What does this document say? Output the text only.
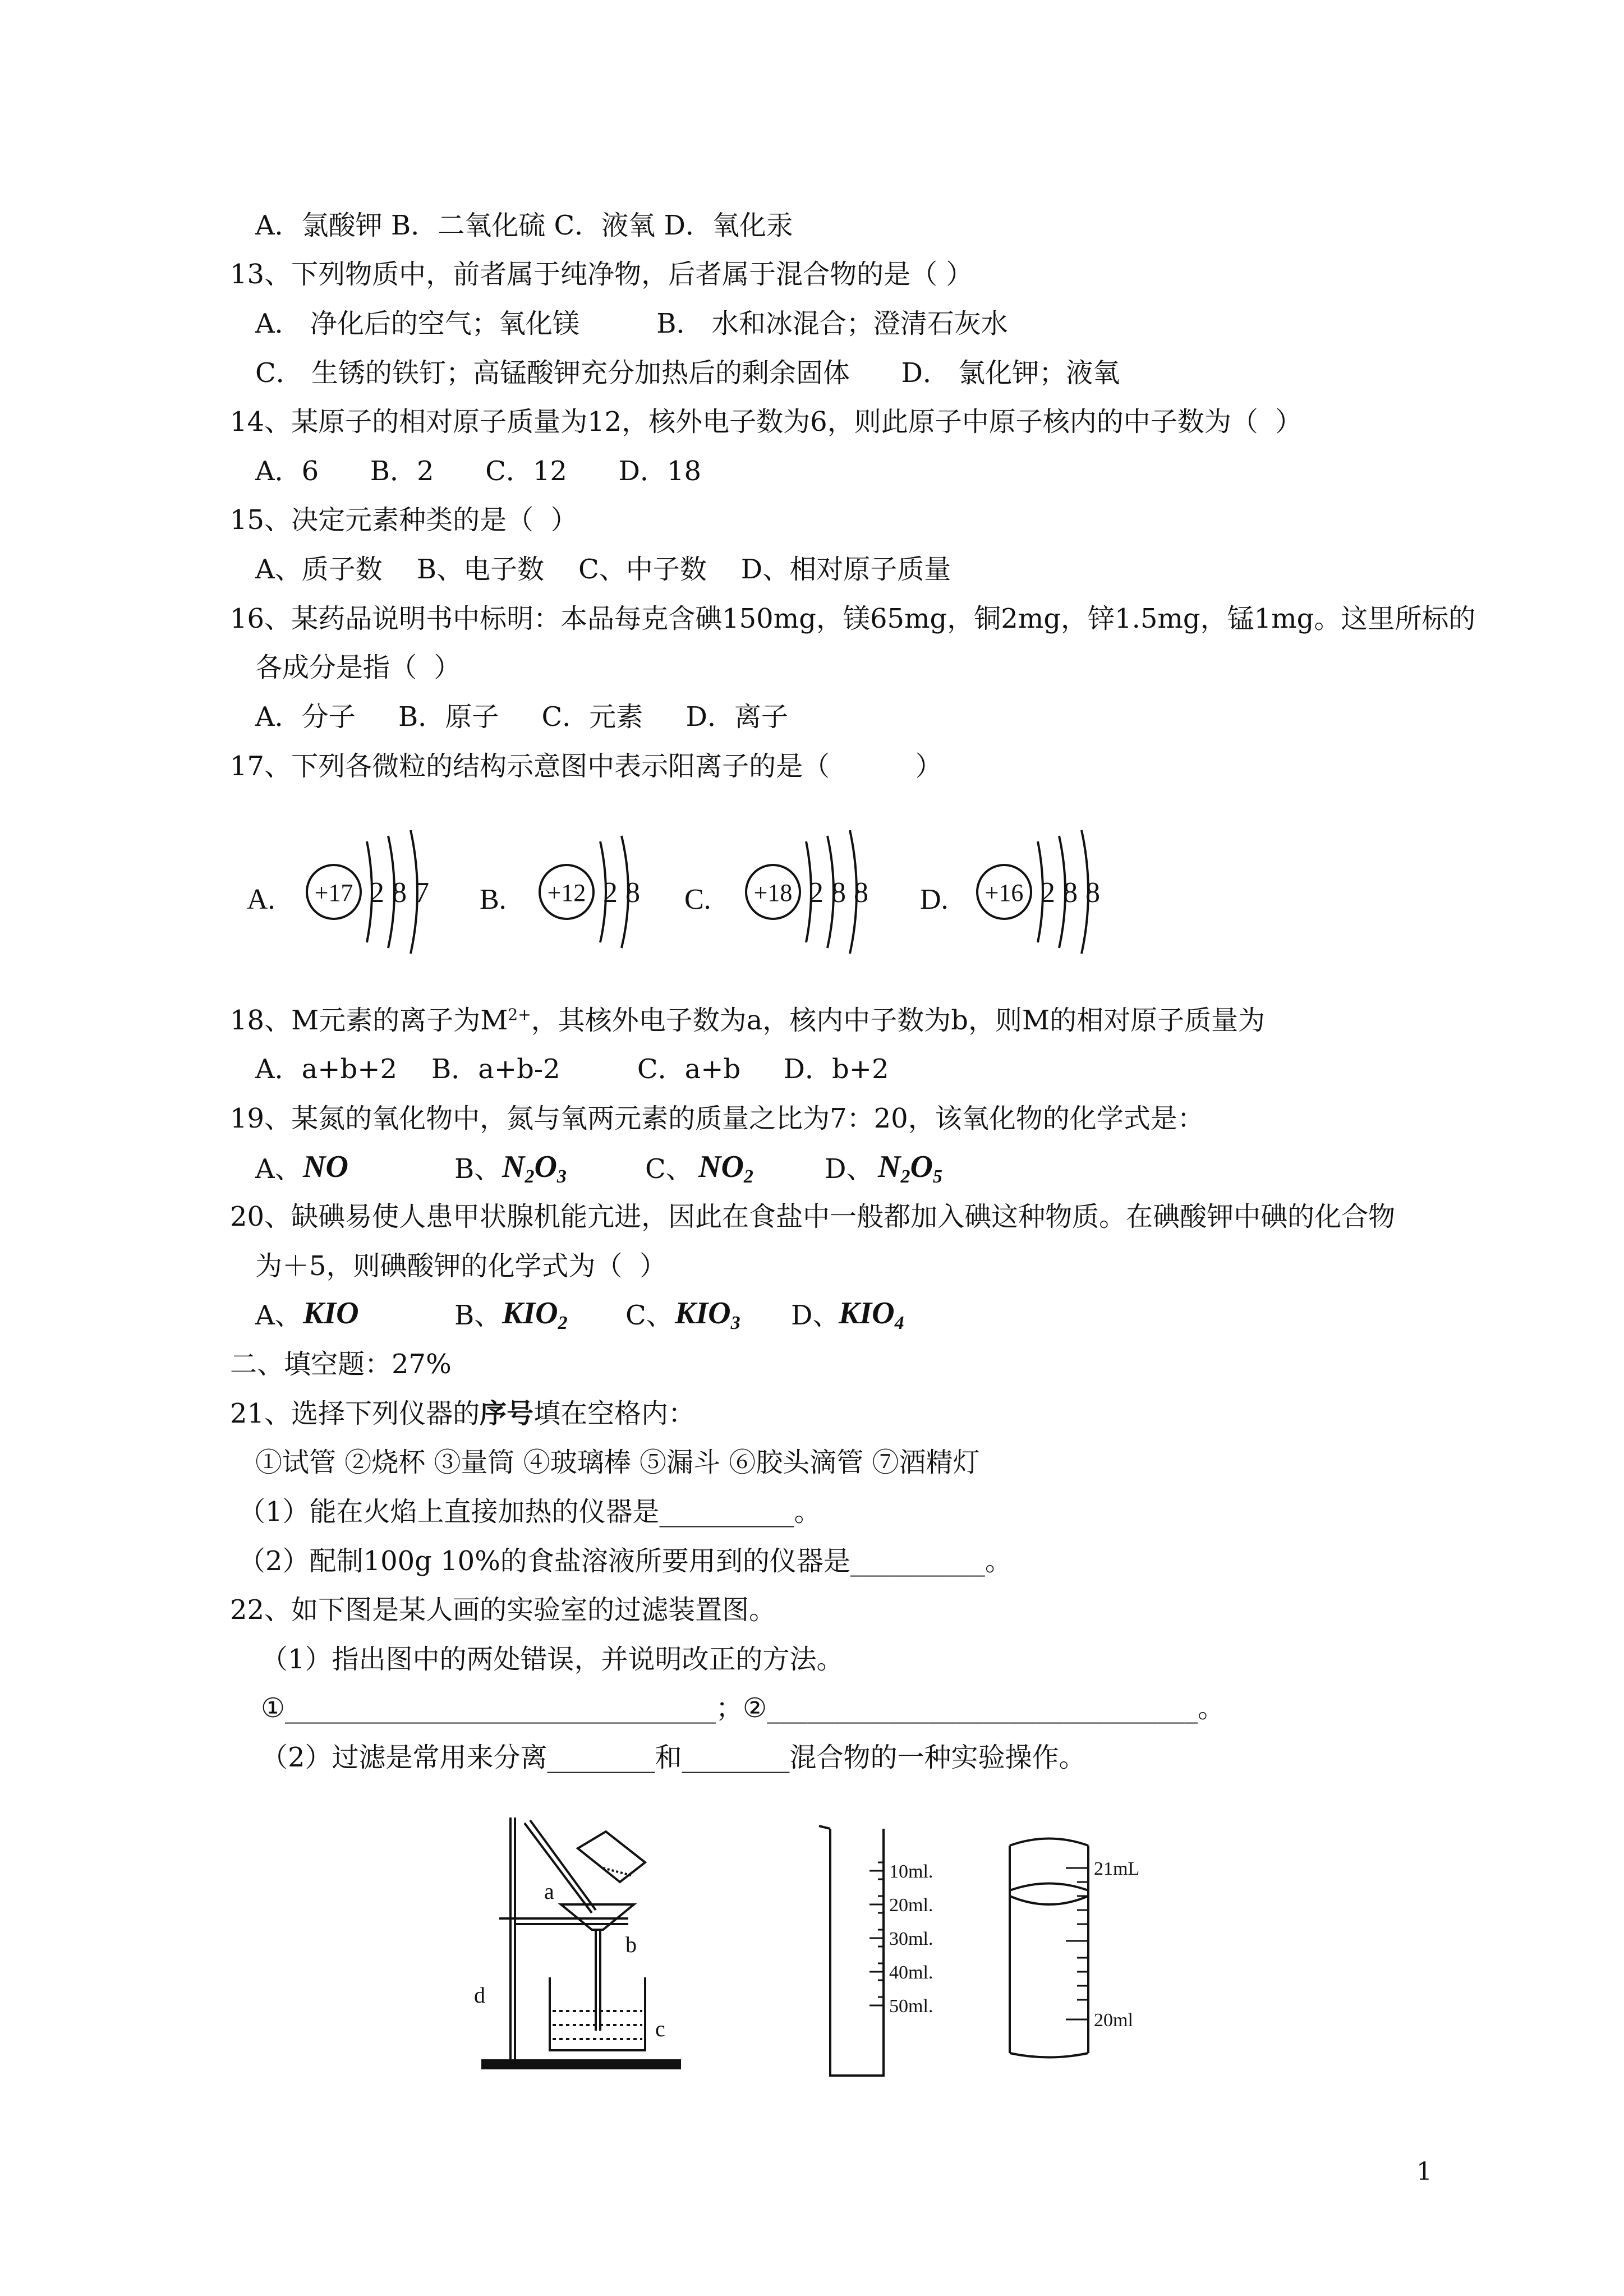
A．氯酸钾 B．二氧化硫 C．液氧 D．氧化汞
13、下列物质中，前者属于纯净物，后者属于混合物的是（ ）
A． 净化后的空气；氧化镁         B． 水和冰混合；澄清石灰水
C． 生锈的铁钉；高锰酸钾充分加热后的剩余固体      D． 氯化钾；液氧
14、某原子的相对原子质量为12，核外电子数为6，则此原子中原子核内的中子数为（  ）
A．6      B．2      C．12      D．18
15、决定元素种类的是（  ）
A、质子数    B、电子数    C、中子数    D、相对原子质量
16、某药品说明书中标明：本品每克含碘150mg，镁65mg，铜2mg，锌1.5mg，锰1mg。这里所标的
各成分是指（  ）
A．分子     B．原子     C．元素     D．离子
17、下列各微粒的结构示意图中表示阳离子的是（          ）
A. +17 2 8 7 B. +12 2 8 C. +18 2 8 8 D. +16 2 8 8
18、M元素的离子为$M^{2+}$，其核外电子数为a，核内中子数为b，则M的相对原子质量为
A．a+b+2    B．a+b-2         C．a+b     D．b+2
19、某氮的氧化物中，氮与氧两元素的质量之比为7：20，该氧化物的化学式是：

A、

NO

	B、

$N_2O_3$

	C、

$NO_2$

	D、

$N_2O_5$

20、缺碘易使人患甲状腺机能亢进，因此在食盐中一般都加入碘这种物质。在碘酸钾中碘的化合物
为＋5，则碘酸钾的化学式为（  ）

A、

KIO

	B、

$KIO_2$

C、

$KIO_3$

D、

$KIO_4$

二、填空题：27%
21、选择下列仪器的序号填在空格内：
①试管 ②烧杯 ③量筒 ④玻璃棒 ⑤漏斗 ⑥胶头滴管 ⑦酒精灯
（1）能在火焰上直接加热的仪器是__________。
（2）配制100g 10%的食盐溶液所要用到的仪器是__________。
22、如下图是某人画的实验室的过滤装置图。
（1）指出图中的两处错误，并说明改正的方法。
①________________________________；②________________________________。
（2）过滤是常用来分离________和________混合物的一种实验操作。
a
b
c
d
10ml.
20ml.
30ml.
40ml.
50ml.
21mL
20ml
1
